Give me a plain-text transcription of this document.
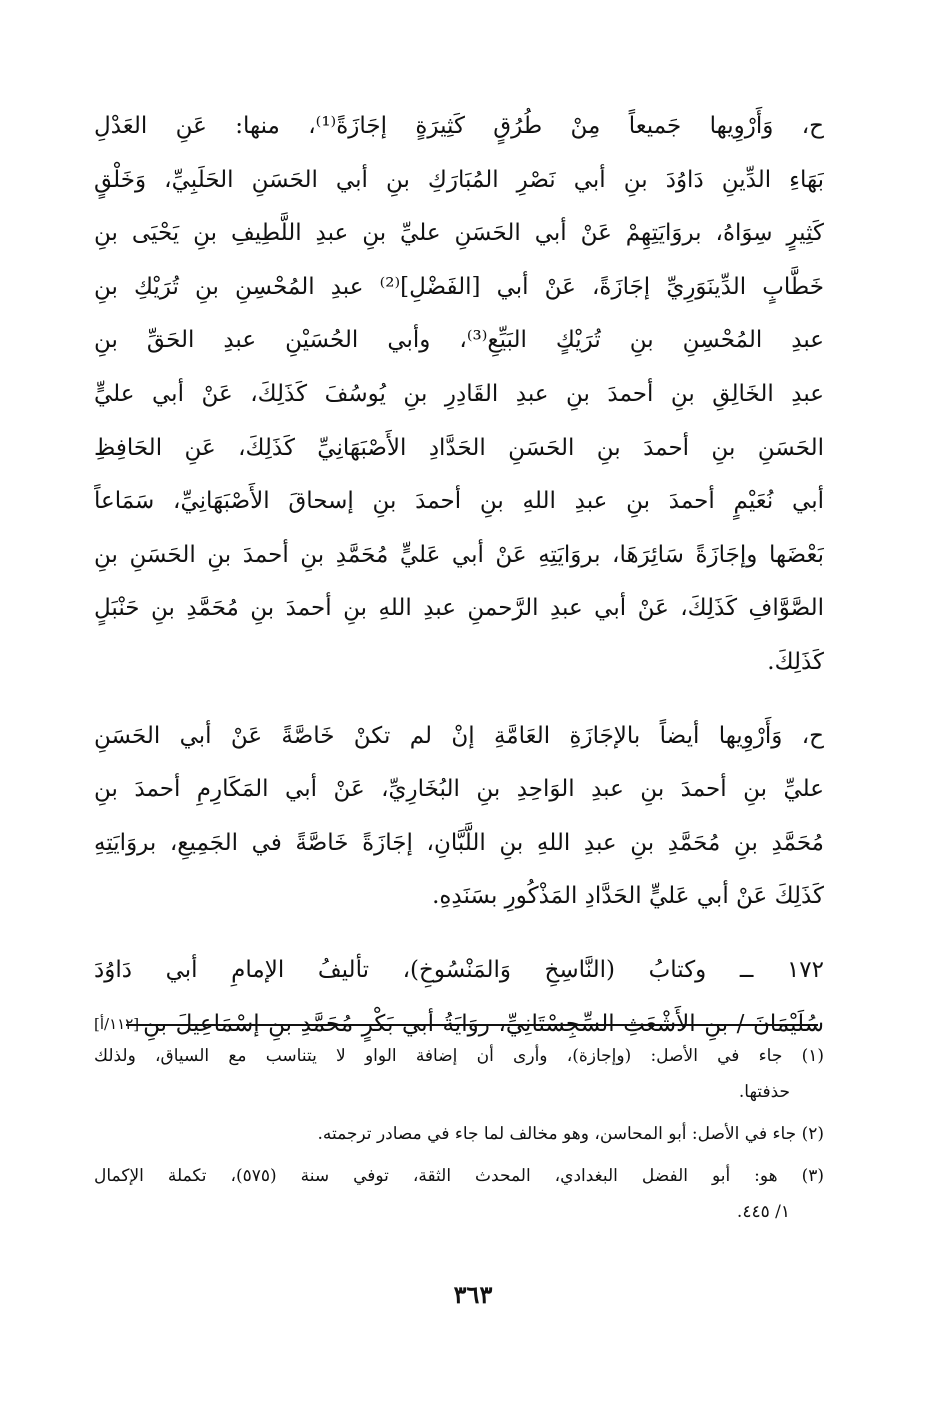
ح، وَأَرْوِيها جَميعاً مِنْ طُرُقٍ كَثِيرَةٍ إجَازَةً⁽¹⁾، منها: عَنِ العَدْلِ
بَهَاءِ الدِّينِ دَاوُدَ بنِ أبي نَصْرِ المُبَارَكِ بنِ أبي الحَسَنِ الحَلَبِيِّ، وَخَلْقٍ
كَثِيرٍ سِوَاهُ، بروَايَتِهِمْ عَنْ أبي الحَسَنِ عليِّ بنِ عبدِ اللَّطِيفِ بنِ يَحْيَى بنِ
خَطَّابٍ الدِّينَوَرِيِّ إجَازَةً، عَنْ أبي [الفَضْلِ]⁽²⁾ عبدِ المُحْسِنِ بنِ تُرَيْكِ بنِ
عبدِ المُحْسِنِ بنِ تُرَيْكٍ البَيِّعِ⁽³⁾، وأبي الحُسَيْنِ عبدِ الحَقِّ بنِ
عبدِ الخَالِقِ بنِ أحمدَ بنِ عبدِ القَادِرِ بنِ يُوسُفَ كَذَلِكَ، عَنْ أبي عليٍّ
الحَسَنِ بنِ أحمدَ بنِ الحَسَنِ الحَدَّادِ الأَصْبَهَانِيِّ كَذَلِكَ، عَنِ الحَافِظِ
أبي نُعَيْمٍ أحمدَ بنِ عبدِ اللهِ بنِ أحمدَ بنِ إسحاقَ الأَصْبَهَانِيِّ، سَمَاعاً
بَعْضَها وإجَازَةً سَائِرَهَا، بروَايَتِهِ عَنْ أبي عَليٍّ مُحَمَّدِ بنِ أحمدَ بنِ الحَسَنِ بنِ
الصَّوَّافِ كَذَلِكَ، عَنْ أبي عبدِ الرَّحمنِ عبدِ اللهِ بنِ أحمدَ بنِ مُحَمَّدِ بنِ حَنْبَلٍ
كَذَلِكَ.
ح، وَأَرْوِيها أيضاً بالإجَازَةِ العَامَّةِ إنْ لم تكنْ خَاصَّةً عَنْ أبي الحَسَنِ
عليِّ بنِ أحمدَ بنِ عبدِ الوَاحِدِ بنِ البُخَارِيِّ، عَنْ أبي المَكَارِمِ أحمدَ بنِ
مُحَمَّدِ بنِ مُحَمَّدِ بنِ عبدِ اللهِ بنِ اللَّبَّانِ، إجَازَةً خَاصَّةً في الجَمِيعِ، بروَايَتِهِ
كَذَلِكَ عَنْ أبي عَليٍّ الحَدَّادِ المَذْكُورِ بسَنَدِهِ.
١٧٢ ــ وكتابُ (النَّاسِخِ وَالمَنْسُوخِ)، تأليفُ الإمامِ أبي دَاوُدَ
سُلَيْمَانَ / بنِ الأَشْعَثِ السِّجِسْتَانِيِّ، روَايَةُ أبي بَكْرٍ مُحَمَّدِ بنِ إسْمَاعِيلَ بنِ[١١٢/أ]
(١) جاء في الأصل: (وإجازة)، وأرى أن إضافة الواو لا يتناسب مع السياق، ولذلك
حذفتها.
(٢) جاء في الأصل: أبو المحاسن، وهو مخالف لما جاء في مصادر ترجمته.
(٣) هو: أبو الفضل البغدادي، المحدث الثقة، توفي سنة (٥٧٥)، تكملة الإكمال
١/ ٤٤٥.
٣٦٣
